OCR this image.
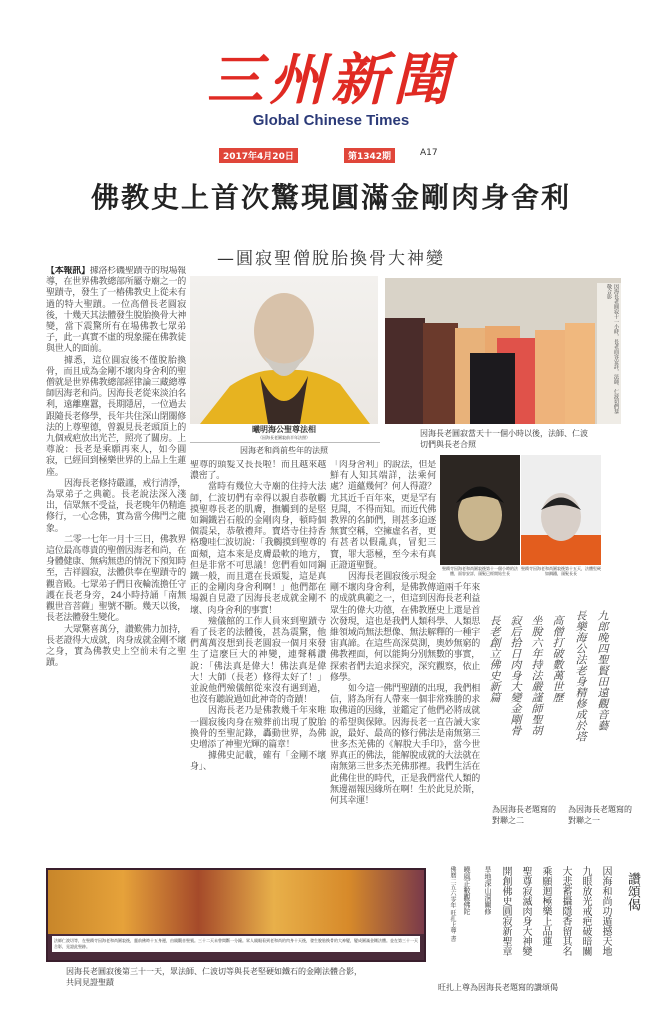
三州新聞
Global Chinese Times
2017年4月20日	第1342期	A17
佛教史上首次驚現圓滿金剛肉身舍利
—圓寂聖僧脫胎換骨大神變

【本報訊】據洛杉磯聖蹟寺的現場報導，在世界佛教總部所屬寺廟之一的聖蹟寺，發生了一樁佛教史上從未有過的特大聖蹟。一位高僧長老圓寂後，十幾天其法體發生脫胎換骨大神變，當下震驚所有在場佛教七眾弟子，此一真實不虛的現象擺在佛教徒與世人的面前。

據悉，這位圓寂後不僅脫胎換骨，而且成為金剛不壞肉身舍利的聖僧就是世界佛教總部經律論三藏總導師因海老和尚。因海長老從來淡泊名利，遠離塵囂，長期隱居，一位過去跟隨長老修學，長年共住深山閉關修法的上尊聖德，曾親見長老頭頂上的九個戒疤放出光芒，照亮了關房。上尊說：長老是乘願再來人，如今圓寂，已經回到極樂世界的上品上生蓮座。

因海長老修持嚴謹，戒行清淨，為眾弟子之典範。長老說法深入淺出，信眾無不受益，長老晚年仍精進修行，一心念佛，實為當今佛門之龍象。

二零一七年一月十三日，佛教界這位最高尊貴的聖僧因海老和尚，在身體健康、無病無患的情況下預知時至，吉祥圓寂，法體供奉在聖蹟寺的觀音殿。七眾弟子們日夜輪流擔任守護在長老身旁，24小時持誦「南無觀世音菩薩」聖號不斷。幾天以後，長老法體發生變化。

大眾驚喜萬分，讚歎佛力加持，長老證得大成就，肉身成就金剛不壞之身，實為佛教史上空前未有之聖蹟。

曦明海公聖尊法相
（因海長老圓寂前半年法照）
因海老和尚前些年的法照
因海長老圓寂十一小時，長老面容安詳，法師、仁波切們恭敬合影
因海長老圓寂當天十一個小時以後，法師、仁波切們與長老合照

聖尊的頭髮又長長啦！而且越來越濃密了。

當時有幾位大寺廟的住持大法師，仁波切們有幸得以親自恭敬觸摸聖尊長老的肌膚，撫觸到的是堅如鋼鐵岩石般的金剛肉身，頓時個個震呆，恭敬禮拜。寶塔寺住持香格瓊哇仁波切說：「我觸摸到聖尊的面頰，這本來是皮膚最軟的地方，但是非常不可思議！您們看如同鋼鐵一般，而且還在長頭髮，這是真正的金剛肉身舍利啊！」他們都在場親自見證了因海長老成就金剛不壞、肉身舍利的事實！

殮儀館的工作人員來到聖蹟寺看了長老的法體後，甚為震驚，他們萬萬沒想到長老圓寂一個月來發生了這麼巨大的神變，連聲稱讚說：「佛法真是偉大！佛法真是偉大！大師（長老）修得太好了！」並說他們殮儀館從來沒有遇到過，也沒有聽說過如此神奇的奇蹟！

因海長老乃是佛教幾千年來唯一圓寂後肉身在殮葬前出現了脫胎換骨的至聖記錄，轟動世界，為佛史增添了神聖光輝的篇章！

據佛史記載，確有「金剛不壞身」、

「肉身舍利」的說法，但是鮮有人知其端詳，法乘何處？道蘊幾何？何人得證？尤其近千百年來，更是罕有見聞，不得而知。而近代佛教界的名師們，則甚多迫逐無實空稱，空擁虛名者，更有甚者以假亂真，冒犯三寶，罪大惡極，至今未有真正證道聖賢。

因海長老圓寂後示現金剛不壞肉身舍利，是佛教傳道兩千年來的成就典範之一，但這到因海長老利益眾生的偉大功德，在佛教歷史上還是首次發現，這也是我們人類科學、人類思維領域尚無法想像、無法解釋的一種宇宙真諦。在這些高深莫測，奧妙無窮的佛教裡面，何以能夠分別無數的事實，探索者們去追求探究，深究觀察，依止修學。

如今這一佛門聖蹟的出現，我們相信，將為所有人帶來一個非常殊勝的求取佛道的因緣，並鑑定了他們必將成就的希望與保障。因海長老一直告誡大家說，最好、最高的修行佛法是南無第三世多杰羌佛的《解脫大手印》，當今世界真正的佛法，能解脫成就的大法就在南無第三世多杰羌佛那裡。我們生活在此佛住世的時代，正是我們當代人類的無邊福報因緣所在啊！生於此見於斯，何其幸運！

聖蹟寺因海老和尚圓寂後第十一個小時的法體，面容安詳，頭髮已經開始生長
聖蹟寺因海老和尚圓寂後第十五天，法體堅硬如鋼鐵，頭髮長長
高僧打破數萬世歷
坐脫六年持法嚴謹師聖胡
寂后拾日肉身大變金剛骨
長老創立佛史新篇
為因海長老題寫的對聯之二
九郎晚四聖賢田遠觀音藝
長樂海公法老身精修成於塔
為因海長老題寫的對聯之一
法師仁波切等，在聖蹟寺因海老和尚圓寂後，靈前佛時十五身邊，由親觀音聖號。三十二天未曾間斷一分鐘。眾人親眼看到老和尚的肉身十天後，發生脫胎換骨的大神變，變成圓滿金剛法體。並在第三十一天合影，見證此聖跡。
因海長老圓寂後第三十一天，眾法師、仁波切等與長老堅硬如鐵石的金剛法體合影，共同見證聖蹟
讚頌偈
因海和尚功遁撼天地
九眼放光戒疤破暗關
大悲蓄攝隱香留其名
乘願迴極樂上品蓮
聖尊寂滅肉身大神變
開創佛史圓寂新聖章
旱地深山洞關修
曉風正數觀佛陀
佛曆二五六零年 旺扎上尊 書
旺扎上尊為因海長老題寫的讚頌偈
